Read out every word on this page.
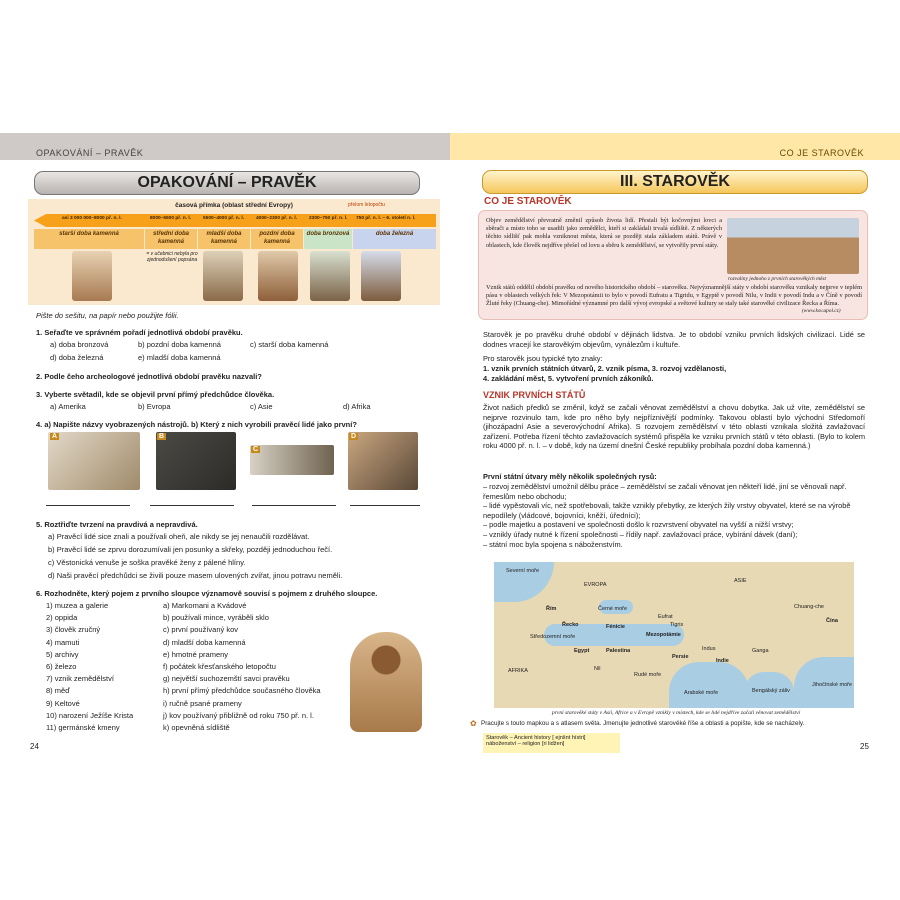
OPAKOVÁNÍ – PRAVĚK	CO JE STAROVĚK
OPAKOVÁNÍ – PRAVĚK
časová přímka (oblast střední Evropy)	přelom letopočtu
asi 3 000 000–8000 př. n. l.	8000–5500 př. n. l. 5500–4000 př. n. l. 4000–2300 př. n. l. 2300–750 př. n. l. 750 př. n. l. – 6. století n. l.
starší doba kamenná	střední doba kamenná
mladší doba kamenná
pozdní doba kamenná
doba bronzová	doba železná
= v učebnici nebyla pro zjednodušení popsána
Pište do sešitu, na papír nebo použijte fólii.
1. Seřaďte ve správném pořadí jednotlivá období pravěku.
a) doba bronzová	b) pozdní doba kamenná	c) starší doba kamenná
d) doba železná	e) mladší doba kamenná
2. Podle čeho archeologové jednotlivá období pravěku nazvali?
3. Vyberte světadíl, kde se objevil první přímý předchůdce člověka.
a) Amerika	b) Evropa	c) Asie	d) Afrika
4. a) Napište názvy vyobrazených nástrojů. b) Který z nich vyrobili pravěcí lidé jako první?
A	B
C
D
5. Roztřiďte tvrzení na pravdivá a nepravdivá.
a) Pravěcí lidé sice znali a používali oheň, ale nikdy se jej nenaučili rozdělávat.
b) Pravěcí lidé se zprvu dorozumívali jen posunky a skřeky, později jednoduchou řečí.
c) Věstonická venuše je soška pravěké ženy z pálené hlíny.
d) Naši pravěcí předchůdci se živili pouze masem ulovených zvířat, jinou potravu neměli.
6. Rozhodněte, který pojem z prvního sloupce významově souvisí s pojmem z druhého sloupce.
1) muzea a galerie
2) oppida
3) člověk zručný
4) mamuti
5) archivy
6) železo
7) vznik zemědělství
8) měď
9) Keltové
10) narození Ježíše Krista
11) germánské kmeny
a) Markomani a Kvádové
b) používali mince, vyráběli sklo
c) první používaný kov
d) mladší doba kamenná
e) hmotné prameny
f) počátek křesťanského letopočtu
g) největší suchozemští savci pravěku
h) první přímý předchůdce současného člověka
i) ručně psané prameny
j) kov používaný přibližně od roku 750 př. n. l.
k) opevněná sídliště
24
III. STAROVĚK
CO JE STAROVĚK
Objev zemědělství převratně změnil způsob života lidí. Přestali být kočovnými lovci a sběrači a místo toho se usadili jako zemědělci, kteří si zakládali trvalá sídliště. Z některých těchto sídlišť pak mohla vzniknout města, která se později stala základem států. Právě v oblastech, kde člověk nejdříve přešel od lovu a sběru k zemědělství, se vytvořily první státy.
rozvaliny jednoho z prvních starověkých měst
Vznik států oddělil období pravěku od nového historického období – starověku. Nejvýznamnější státy v období starověku vznikaly nejprve v teplém pásu v oblastech velkých řek: V Mezopotámii to bylo v povodí Eufratu a Tigridu, v Egyptě v povodí Nilu, v Indii v povodí Indu a v Číně v povodí Žluté řeky (Chuang-che). Mimořádné významné pro další vývoj evropské a světové kultury se staly také starověké civilizace Řecka a Říma.
(www.ksv.upol.cz)
Starověk je po pravěku druhé období v dějinách lidstva. Je to období vzniku prvních lidských civilizací. Lidé se dodnes vracejí ke starověkým objevům, vynálezům i kultuře.
Pro starověk jsou typické tyto znaky:
1. vznik prvních státních útvarů, 2. vznik písma, 3. rozvoj vzdělanosti,
4. zakládání měst, 5. vytvoření prvních zákoníků.
VZNIK PRVNÍCH STÁTŮ
Život našich předků se změnil, když se začali věnovat zemědělství a chovu dobytka. Jak už víte, zemědělství se nejprve rozvinulo tam, kde pro něho byly nejpříznivější podmínky. Takovou oblastí bylo východní Středomoří (jihozápadní Asie a severovýchodní Afrika). S rozvojem zemědělství v této oblasti vznikala složitá zavlažovací zařízení. Potřeba řízení těchto zavlažovacích systémů přispěla ke vzniku prvních států v této oblasti. (Bylo to kolem roku 4000 př. n. l. – v době, kdy na území dnešní České republiky probíhala pozdní doba kamenná.)
První státní útvary měly několik společných rysů:
– rozvoj zemědělství umožnil dělbu práce – zemědělství se začali věnovat jen někteří lidé, jiní se věnovali např. řemeslům nebo obchodu;
– lidé vypěstovali víc, než spotřebovali, takže vznikly přebytky, ze kterých žily vrstvy obyvatel, které se na výrobě nepodílely (vládcové, bojovníci, kněží, úředníci);
– podle majetku a postavení ve společnosti došlo k rozvrstvení obyvatel na vyšší a nižší vrstvy;
– vznikly úřady nutné k řízení společnosti – řídily např. zavlažovací práce, vybírání dávek (daní);
– státní moc byla spojena s náboženstvím.
Severní moře
EVROPA
ASIE
Řím	Černé moře
Řecko	Fénicie
Mezopotámie
Středozemní moře
Palestina
Egypt
Persie
Indie
Čína
AFRIKA
Arabské moře	Bengálský záliv
Jihočínské moře
Nil
Eufrat
Tigris
Indus	Ganga
Chuang-che
Rudé moře
první starověké státy v Asii, Africe a v Evropě vznikly v místech, kde se lidé nejdříve začali věnovat zemědělství
✿ Pracujte s touto mapkou a s atlasem světa. Jmenujte jednotlivé starověké říše a oblasti a popište, kde se nacházely.
Starověk – Ancient history [ ejnšnt hístri]
náboženství – religion [ri lidžen]	25
